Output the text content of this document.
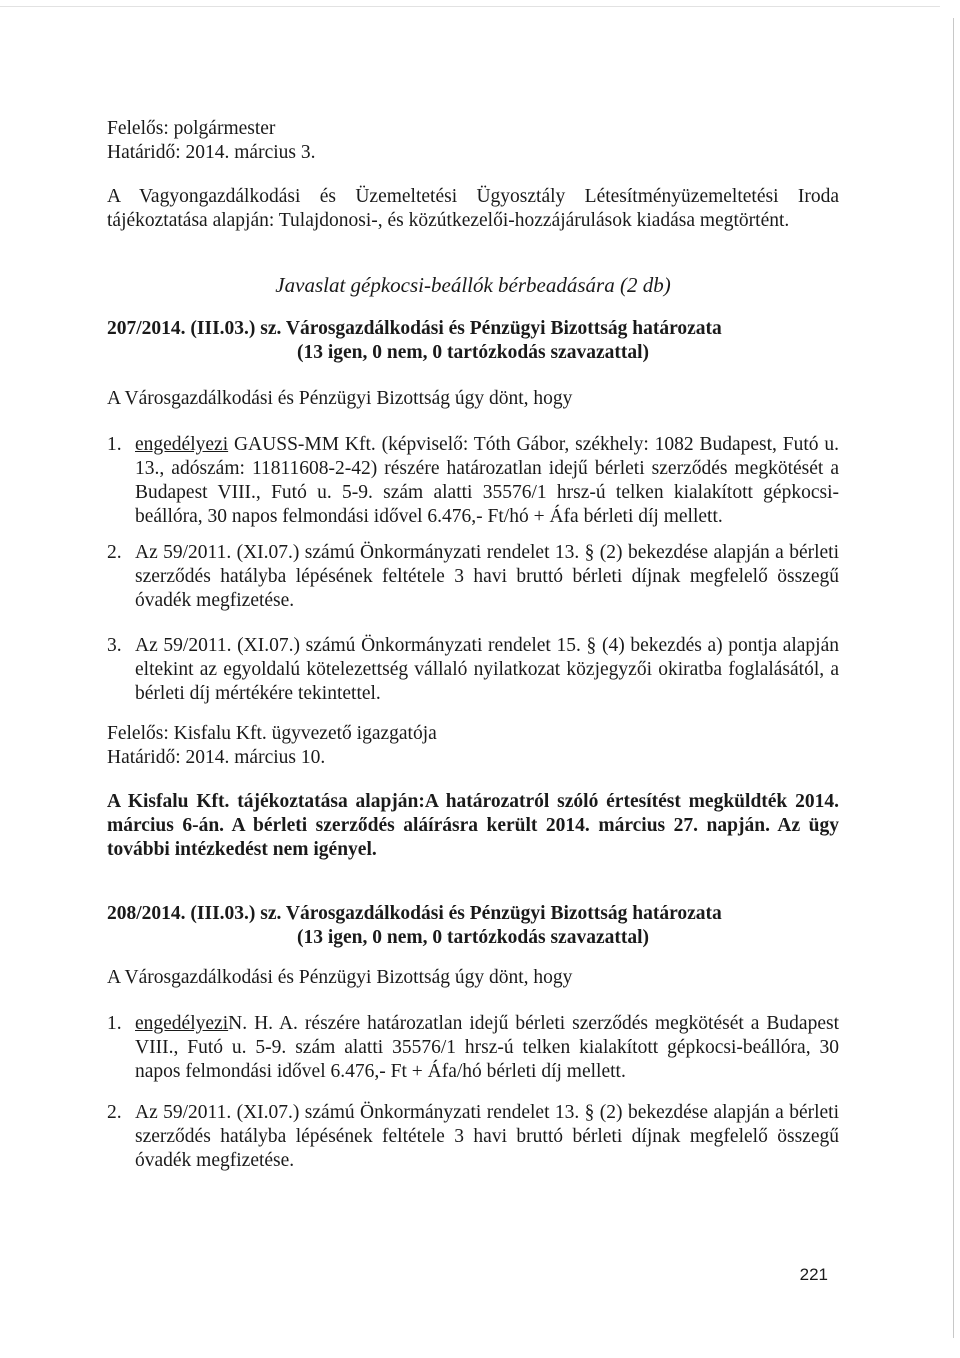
Felelős: polgármester

Határidő: 2014. március 3.

A Vagyongazdálkodási és Üzemeltetési Ügyosztály Létesítményüzemeltetési Iroda tájékoztatása alapján: Tulajdonosi-, és közútkezelői-hozzájárulások kiadása megtörtént.

Javaslat gépkocsi-beállók bérbeadására (2 db)

207/2014. (III.03.) sz. Városgazdálkodási és Pénzügyi Bizottság határozata

(13 igen, 0 nem, 0 tartózkodás szavazattal)

A Városgazdálkodási és Pénzügyi Bizottság úgy dönt, hogy

1. engedélyezi GAUSS-MM Kft. (képviselő: Tóth Gábor, székhely: 1082 Budapest, Futó u. 13., adószám: 11811608-2-42) részére határozatlan idejű bérleti szerződés megkötését a Budapest VIII., Futó u. 5-9. szám alatti 35576/1 hrsz-ú telken kialakított gépkocsi-beállóra, 30 napos felmondási idővel 6.476,- Ft/hó + Áfa bérleti díj mellett.

2. Az 59/2011. (XI.07.) számú Önkormányzati rendelet 13. § (2) bekezdése alapján a bérleti szerződés hatályba lépésének feltétele 3 havi bruttó bérleti díjnak megfelelő összegű óvadék megfizetése.

3. Az 59/2011. (XI.07.) számú Önkormányzati rendelet 15. § (4) bekezdés a) pontja alapján eltekint az egyoldalú kötelezettség vállaló nyilatkozat közjegyzői okiratba foglalásától, a bérleti díj mértékére tekintettel.

Felelős: Kisfalu Kft. ügyvezető igazgatója

Határidő: 2014. március 10.

A Kisfalu Kft. tájékoztatása alapján:A határozatról szóló értesítést megküldték 2014. március 6-án. A bérleti szerződés aláírásra került 2014. március 27. napján. Az ügy további intézkedést nem igényel.

208/2014. (III.03.) sz. Városgazdálkodási és Pénzügyi Bizottság határozata

(13 igen, 0 nem, 0 tartózkodás szavazattal)

A Városgazdálkodási és Pénzügyi Bizottság úgy dönt, hogy

1. engedélyeziN. H. A. részére határozatlan idejű bérleti szerződés megkötését a Budapest VIII., Futó u. 5-9. szám alatti 35576/1 hrsz-ú telken kialakított gépkocsi-beállóra, 30 napos felmondási idővel 6.476,- Ft + Áfa/hó bérleti díj mellett.

2. Az 59/2011. (XI.07.) számú Önkormányzati rendelet 13. § (2) bekezdése alapján a bérleti szerződés hatályba lépésének feltétele 3 havi bruttó bérleti díjnak megfelelő összegű óvadék megfizetése.

221
